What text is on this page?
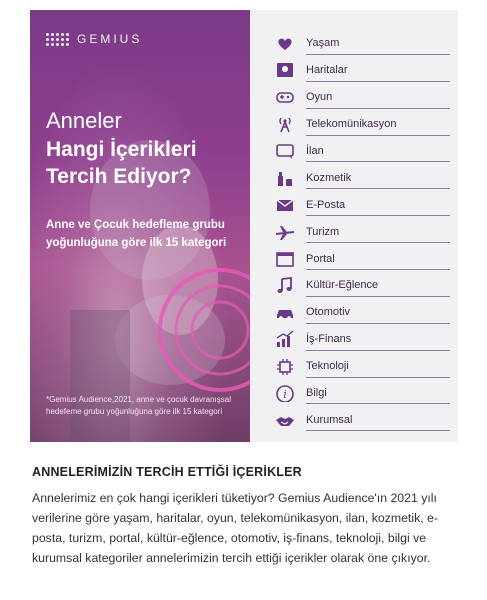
GEMIUS
Anneler
Hangi İçerikleri Tercih Ediyor?
Anne ve Çocuk hedefleme grubu yoğunluğuna göre ilk 15 kategori
*Gemius Audience,2021, anne ve çocuk davranışsal hedefeme grubu yoğunluğuna göre ilk 15 kategori
Yaşam
Haritalar
Oyun
Telekomünikasyon
İlan
Kozmetik
E-Posta
Turizm
Portal
Kültür-Eğlence
Otomotiv
İş-Finans
Teknoloji
i Bilgi
Kurumsal
ANNELERİMİZİN TERCİH ETTİĞİ İÇERİKLER
Annelerimiz en çok hangi içerikleri tüketiyor? Gemius Audience'ın 2021 yılı verilerine göre yaşam, haritalar, oyun, telekomünikasyon, ilan, kozmetik, e-posta, turizm, portal, kültür-eğlence, otomotiv, iş-finans, teknoloji, bilgi ve kurumsal kategoriler annelerimizin tercih ettiği içerikler olarak öne çıkıyor.
